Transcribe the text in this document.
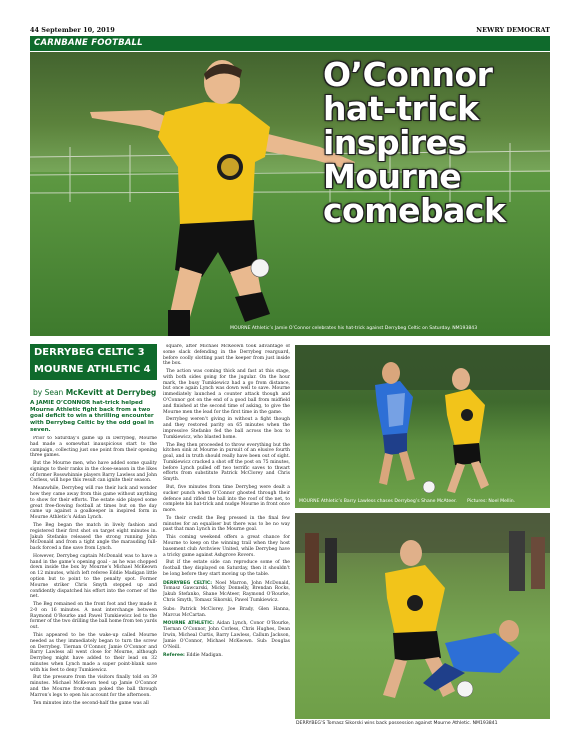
44 September 10, 2019	NEWRY DEMOCRAT
CARNBANE FOOTBALL
MOURNE Athletic’s Jamie O’Connor celebrates his hat-trick against Derrybeg Celtic on Saturday. NM193843
O’Connor
hat-trick
inspires
Mourne
comeback
DERRYBEG CELTIC 3
MOURNE ATHLETIC 4
by Sean McKevitt at Derrybeg
A JAMIE O’CONNOR hat-trick helped Mourne Athletic fight back from a two goal deficit to win a thrilling encounter with Derrybeg Celtic by the odd goal in seven.

Prior to Saturday’s game up in Derrybeg, Mourne had made a somewhat inauspicious start to the campaign, collecting just one point from their opening three games.

But the Mourne men, who have added some quality signings to their ranks in the close-season in the likes of former Rosswhinnie players Barry Lawless and John Corless, will hope this result can ignite their season.

Meanwhile, Derrybeg will rue their luck and wonder how they came away from this game without anything to show for their efforts. The estate side played some great free-flowing football at times but on the day came up against a goalkeeper in inspired form in Mourne Athletic’s Aidan Lynch.

The Beg began the match in lively fashion and registered their first shot on target eight minutes in. Jakub Stefanko released the strong running John McDonald and from a tight angle the marauding full-back forced a fine save from Lynch.

However, Derrybeg captain McDonald was to have a hand in the game’s opening goal - as he was chopped down inside the box by Mourne’s Michael McKeown on 12 minutes, which left referee Eddie Madigan little option but to point to the penalty spot. Former Mourne striker Chris Smyth stepped up and confidently dispatched his effort into the corner of the net.

The Beg remained on the front foot and they made it 2-0 on 16 minutes. A neat interchange between Raymond O’Rourke and Pawel Tumkiewicz led to the former of the two drilling the ball home from ten yards out.

This appeared to be the wake-up called Mourne needed as they immediately began to turn the screw on Derrybeg. Tiernan O’Connor, Jamie O’Connor and Barry Lawless all went close for Mourne, although Derrybeg might have added to their lead on 32 minutes when Lynch made a super point-blank save with his feet to deny Tumkiewicz.

But the pressure from the visitors finally told on 39 minutes. Michael McKeown teed up Jamie O’Connor and the Mourne front-man poked the ball through Marron’s legs to open his account for the afternoon.

Ten minutes into the second-half the game was all

square, after Michael McKeown took advantage of some slack defending in the Derrybeg rearguard, before coolly slotting past the keeper from just inside the box.

The action was coming thick and fast at this stage, with both sides going for the jugular. On the hour mark, the busy Tumkiewicz had a go from distance, but once again Lynch was down well to save. Mourne immediately launched a counter attack though and O’Connor got on the end of a good ball from midfield and finished at the second time of asking, to give the Mourne men the lead for the first time in the game.

Derrybeg weren’t giving in without a fight though and they restored parity on 65 minutes when the impressive Stefanko fed the ball across the box to Tumkiewicz, who blasted home.

The Beg then proceeded to throw everything but the kitchen sink at Mourne in pursuit of an elusive fourth goal, and in truth should really have been out of sight. Tumkiewicz cracked a shot off the post on 75 minutes, before Lynch pulled off two terrific saves to thwart efforts from substitute Patrick McClorey and Chris Smyth.

But, five minutes from time Derrybeg were dealt a sucker punch when O’Connor ghosted through their defence and rifled the ball into the roof of the net, to complete his hat-trick and nudge Mourne in front once more.

To their credit the Beg pressed in the final few minutes for an equaliser but there was to be no way past that man Lynch in the Mourne goal.

This coming weekend offers a great chance for Mourne to keep on the winning trail when they host basement club Archview United, while Derrybeg have a tricky game against Ashgrove Rovers.

But if the estate side can reproduce some of the football they displayed on Saturday, then it shouldn’t be long before they start moving up the table.

DERRYBEG CELTIC: Noel Marron, John McDonald, Tomasz Gawcarski, Micky Donnelly, Brendan Rocks, Jakub Stefanko, Shane McAteer, Raymond O’Rourke, Chris Smyth, Tomasz Sikorski, Pawel Tumkiewicz.

Subs: Patrick McClorey, Joe Brady, Glen Hanna, Marcus McCartan.

MOURNE ATHLETIC: Aidan Lynch, Conor O’Rourke, Tiernan O’Connor, John Corless, Chris Hughes, Dean Irwin, Micheal Curtis, Barry Lawless, Callum Jackson, Jamie O’Connor, Michael McKeown. Sub: Douglas O’Neill.

Referee: Eddie Madigan.

MOURNE Athletic’s Barry Lawless chases Derrybeg’s Shane McAteer. Pictures: Noel Mellin.
DERRYBEG’S Tomasz Sikorski wins back possession against Mourne Athletic. NM193841
